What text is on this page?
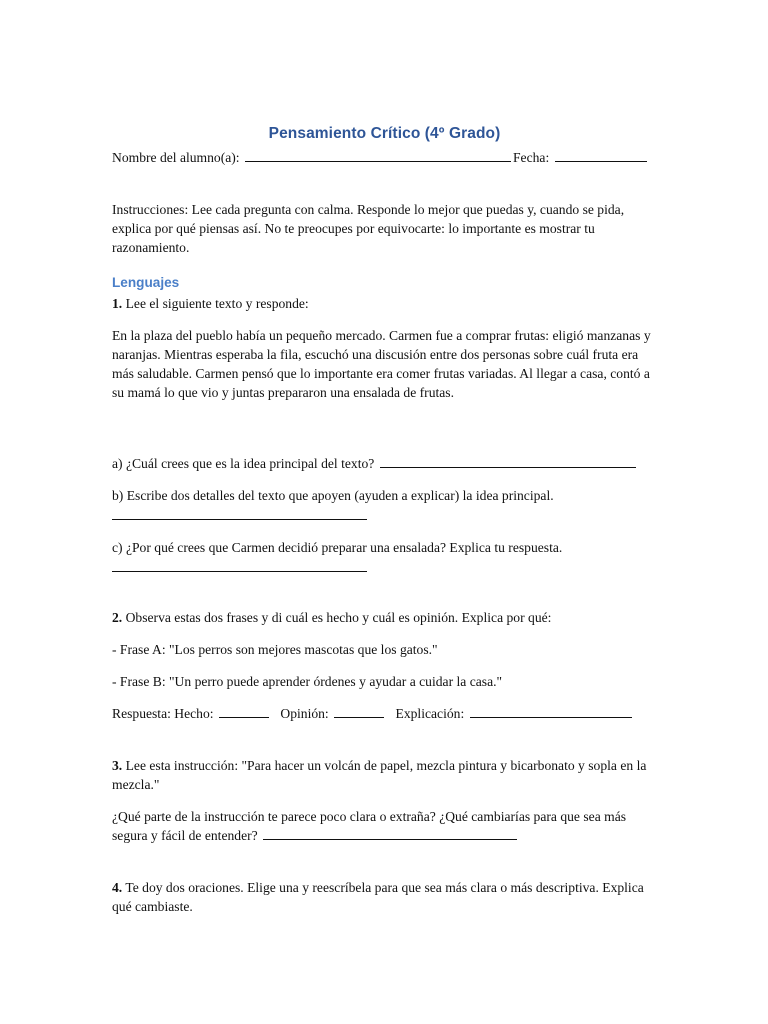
Pensamiento Crítico (4º Grado)
Nombre del alumno(a):	Fecha:

Instrucciones: Lee cada pregunta con calma. Responde lo mejor que puedas y, cuando se pida, explica por qué piensas así. No te preocupes por equivocarte: lo importante es mostrar tu razonamiento.

Lenguajes
1. Lee el siguiente texto y responde:

En la plaza del pueblo había un pequeño mercado. Carmen fue a comprar frutas: eligió manzanas y naranjas. Mientras esperaba la fila, escuchó una discusión entre dos personas sobre cuál fruta era más saludable. Carmen pensó que lo importante era comer frutas variadas. Al llegar a casa, contó a su mamá lo que vio y juntas prepararon una ensalada de frutas.

a) ¿Cuál crees que es la idea principal del texto?
b) Escribe dos detalles del texto que apoyen (ayuden a explicar) la idea principal.
c) ¿Por qué crees que Carmen decidió preparar una ensalada? Explica tu respuesta.
2. Observa estas dos frases y di cuál es hecho y cuál es opinión. Explica por qué:
- Frase A: "Los perros son mejores mascotas que los gatos."
- Frase B: "Un perro puede aprender órdenes y ayudar a cuidar la casa."
Respuesta: Hecho:	Opinión:	Explicación:
3. Lee esta instrucción: "Para hacer un volcán de papel, mezcla pintura y bicarbonato y sopla en la mezcla."
¿Qué parte de la instrucción te parece poco clara o extraña? ¿Qué cambiarías para que sea más segura y fácil de entender?
4. Te doy dos oraciones. Elige una y reescríbela para que sea más clara o más descriptiva. Explica qué cambiaste.
